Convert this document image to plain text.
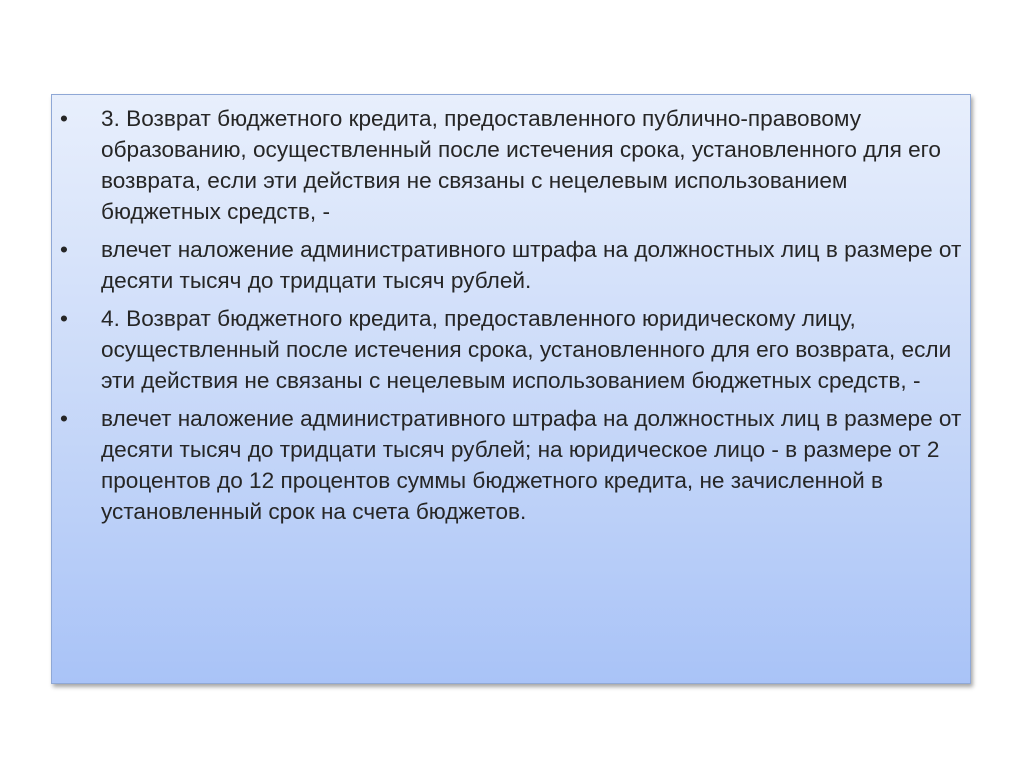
•	3. Возврат бюджетного кредита, предоставленного публично-правовому образованию, осуществленный после истечения срока, установленного для его возврата, если эти действия не связаны с нецелевым использованием бюджетных средств, -
•	влечет наложение административного штрафа на должностных лиц в размере от десяти тысяч до тридцати тысяч рублей.
•	4. Возврат бюджетного кредита, предоставленного юридическому лицу, осуществленный после истечения срока, установленного для его возврата, если эти действия не связаны с нецелевым использованием бюджетных средств, -
•	влечет наложение административного штрафа на должностных лиц в размере от десяти тысяч до тридцати тысяч рублей; на юридическое лицо - в размере от 2 процентов до 12 процентов суммы бюджетного кредита, не зачисленной в установленный срок на счета бюджетов.
